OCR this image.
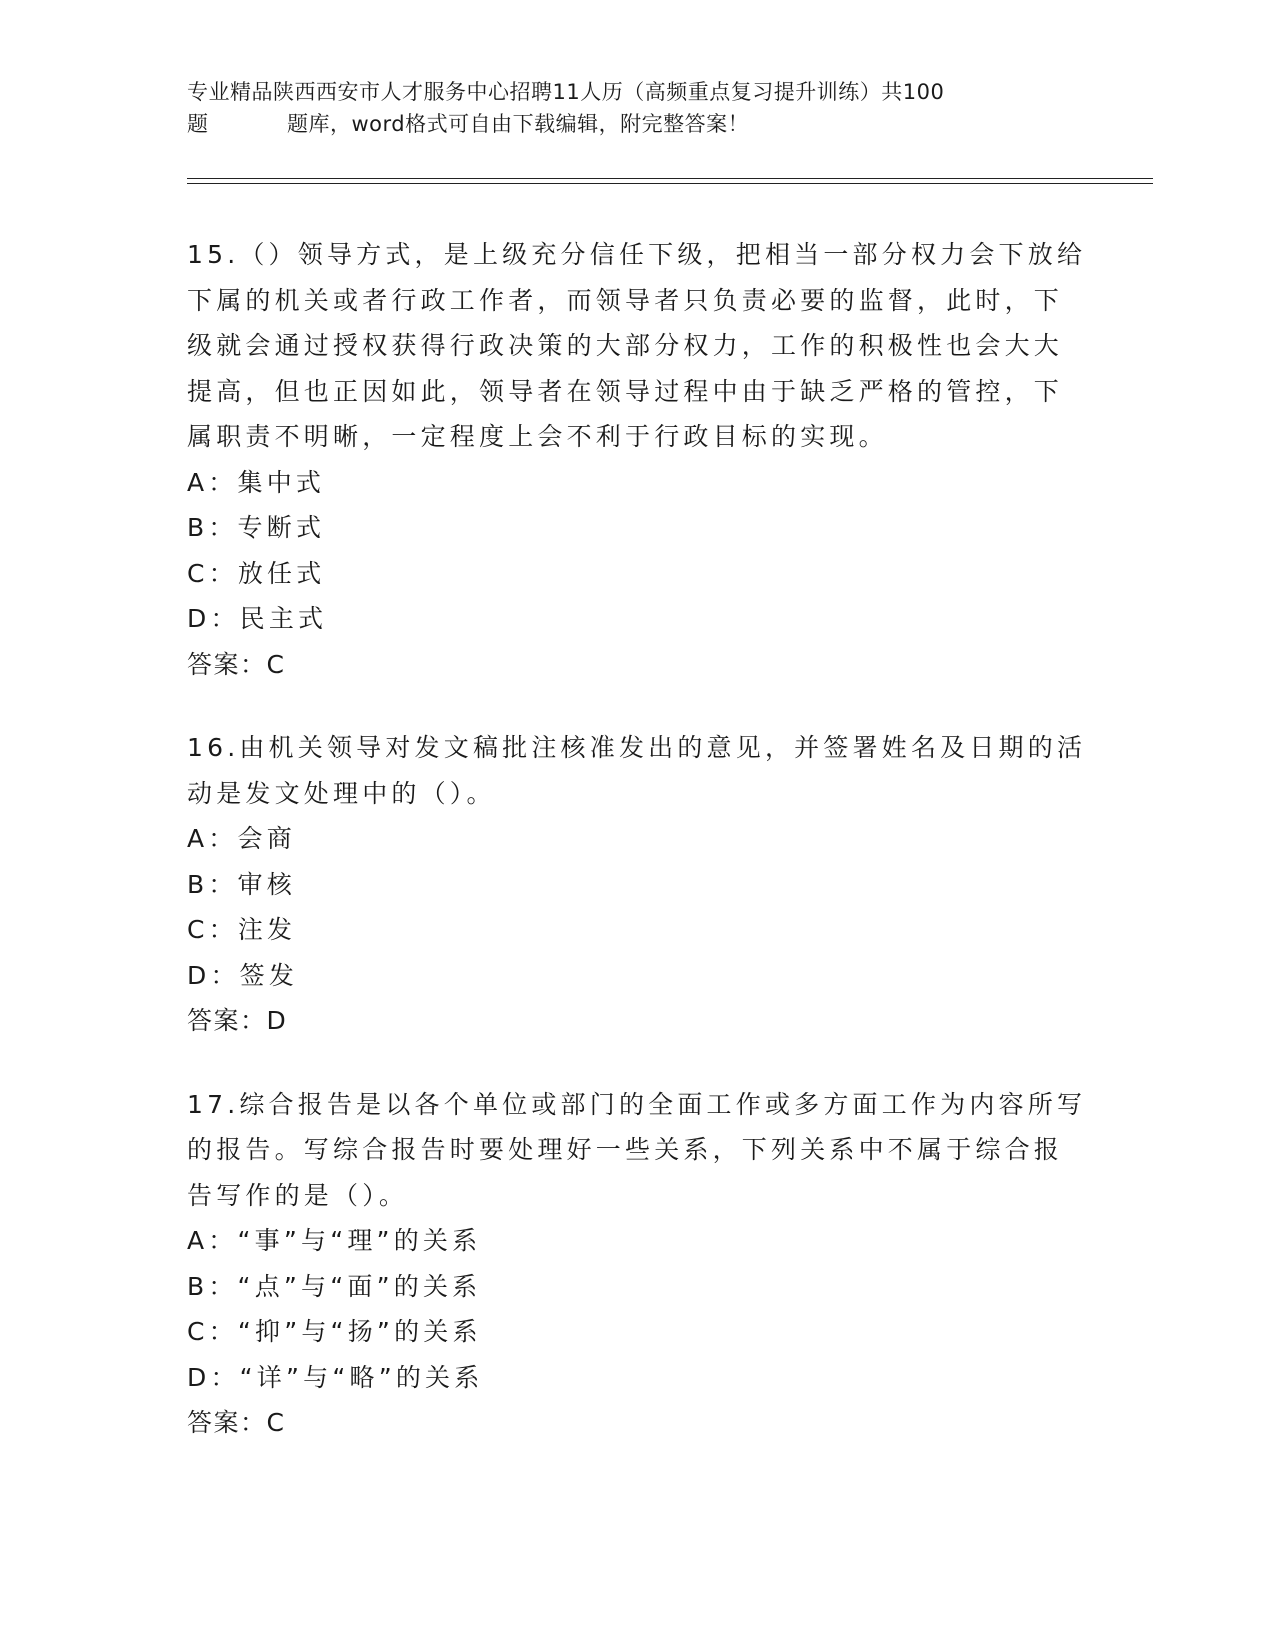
专业精品陕西西安市人才服务中心招聘11人历（高频重点复习提升训练）共100
题	题库，word格式可自由下载编辑，附完整答案！

15.（）领导方式，是上级充分信任下级，把相当一部分权力会下放给下属的机关或者行政工作者，而领导者只负责必要的监督，此时，下级就会通过授权获得行政决策的大部分权力，工作的积极性也会大大提高，但也正因如此，领导者在领导过程中由于缺乏严格的管控，下属职责不明晰，一定程度上会不利于行政目标的实现。

A：集中式

B：专断式

C：放任式

D：民主式

答案：C

16.由机关领导对发文稿批注核准发出的意见，并签署姓名及日期的活动是发文处理中的（）。

A：会商

B：审核

C：注发

D：签发

答案：D

17.综合报告是以各个单位或部门的全面工作或多方面工作为内容所写的报告。写综合报告时要处理好一些关系，下列关系中不属于综合报告写作的是（）。

A：“事”与“理”的关系

B：“点”与“面”的关系

C：“抑”与“扬”的关系

D：“详”与“略”的关系

答案：C
